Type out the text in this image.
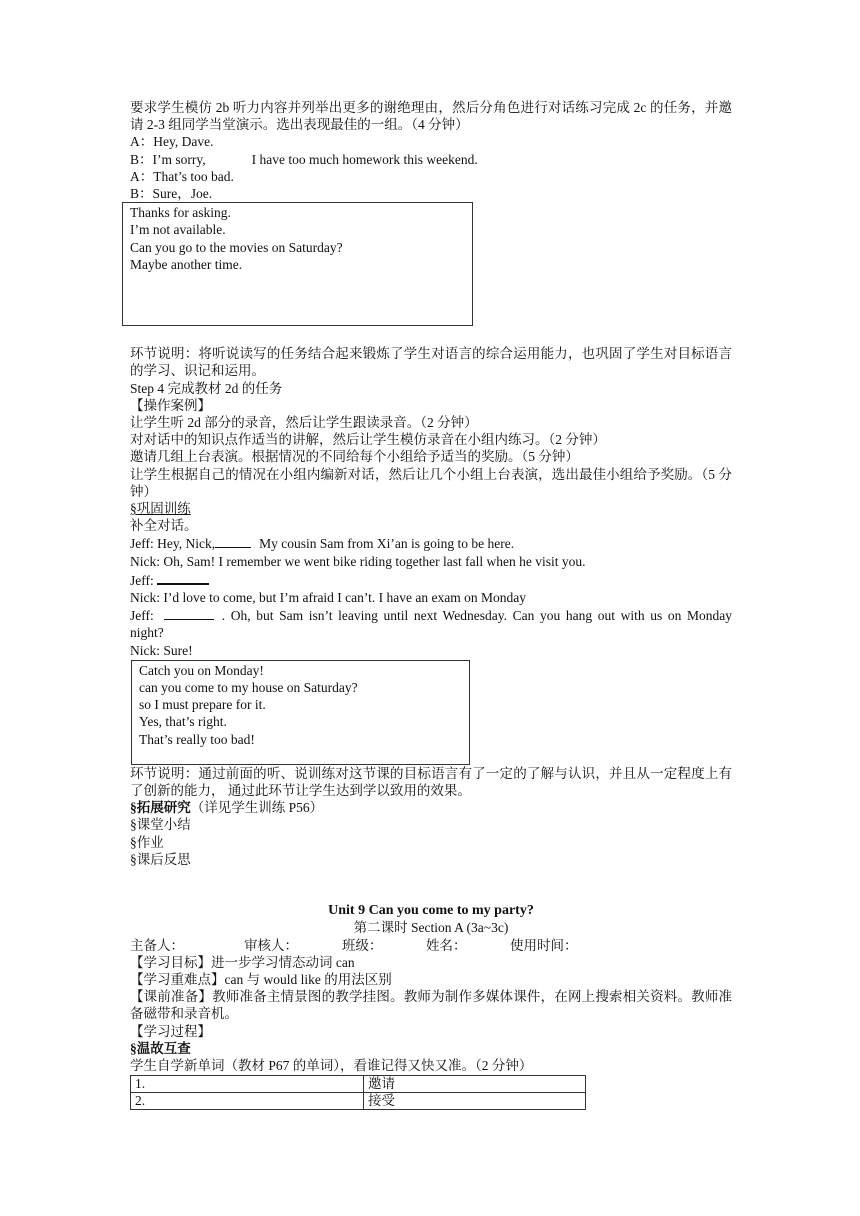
要求学生模仿 2b 听力内容并列举出更多的谢绝理由，然后分角色进行对话练习完成 2c 的任务，并邀请 2-3 组同学当堂演示。选出表现最佳的一组。（4 分钟）
A：Hey, Dave.
B：I’m sorry,	I have too much homework this weekend.
A：That’s too bad.
B：Sure，Joe.
Thanks for asking.
I’m not available.
Can you go to the movies on Saturday?
Maybe another time.
环节说明：将听说读写的任务结合起来锻炼了学生对语言的综合运用能力，也巩固了学生对目标语言的学习、识记和运用。
Step 4 完成教材 2d 的任务
【操作案例】
让学生听 2d 部分的录音，然后让学生跟读录音。（2 分钟）
对对话中的知识点作适当的讲解，然后让学生模仿录音在小组内练习。（2 分钟）
邀请几组上台表演。根据情况的不同给每个小组给予适当的奖励。（5 分钟）
让学生根据自己的情况在小组内编新对话，然后让几个小组上台表演，选出最佳小组给予奖励。（5 分钟）
§巩固训练
补全对话。
Jeff: Hey, Nick,	My cousin Sam from Xi’an is going to be here.
Nick: Oh, Sam! I remember we went bike riding together last fall when he visit you.
Jeff:
Nick: I’d love to come, but I’m afraid I can’t. I have an exam on Monday
Jeff:	. Oh, but Sam isn’t leaving until next Wednesday. Can you hang out with us on Monday night?
Nick: Sure!
Catch you on Monday!
can you come to my house on Saturday?
so I must prepare for it.
Yes, that’s right.
That’s really too bad!
环节说明：通过前面的听、说训练对这节课的目标语言有了一定的了解与认识，并且从一定程度上有了创新的能力， 通过此环节让学生达到学以致用的效果。
§拓展研究（详见学生训练 P56）
§课堂小结
§作业
§课后反思
Unit 9 Can you come to my party?
第二课时 Section A (3a~3c)
主备人：	审核人：	班级：	姓名：	使用时间：
【学习目标】进一步学习情态动词 can
【学习重难点】can 与 would like 的用法区别
【课前准备】教师准备主情景图的教学挂图。教师为制作多媒体课件，在网上搜索相关资料。教师准备磁带和录音机。
【学习过程】
§温故互查
学生自学新单词（教材 P67 的单词），看谁记得又快又准。（2 分钟）
1.	邀请
2.	接受
